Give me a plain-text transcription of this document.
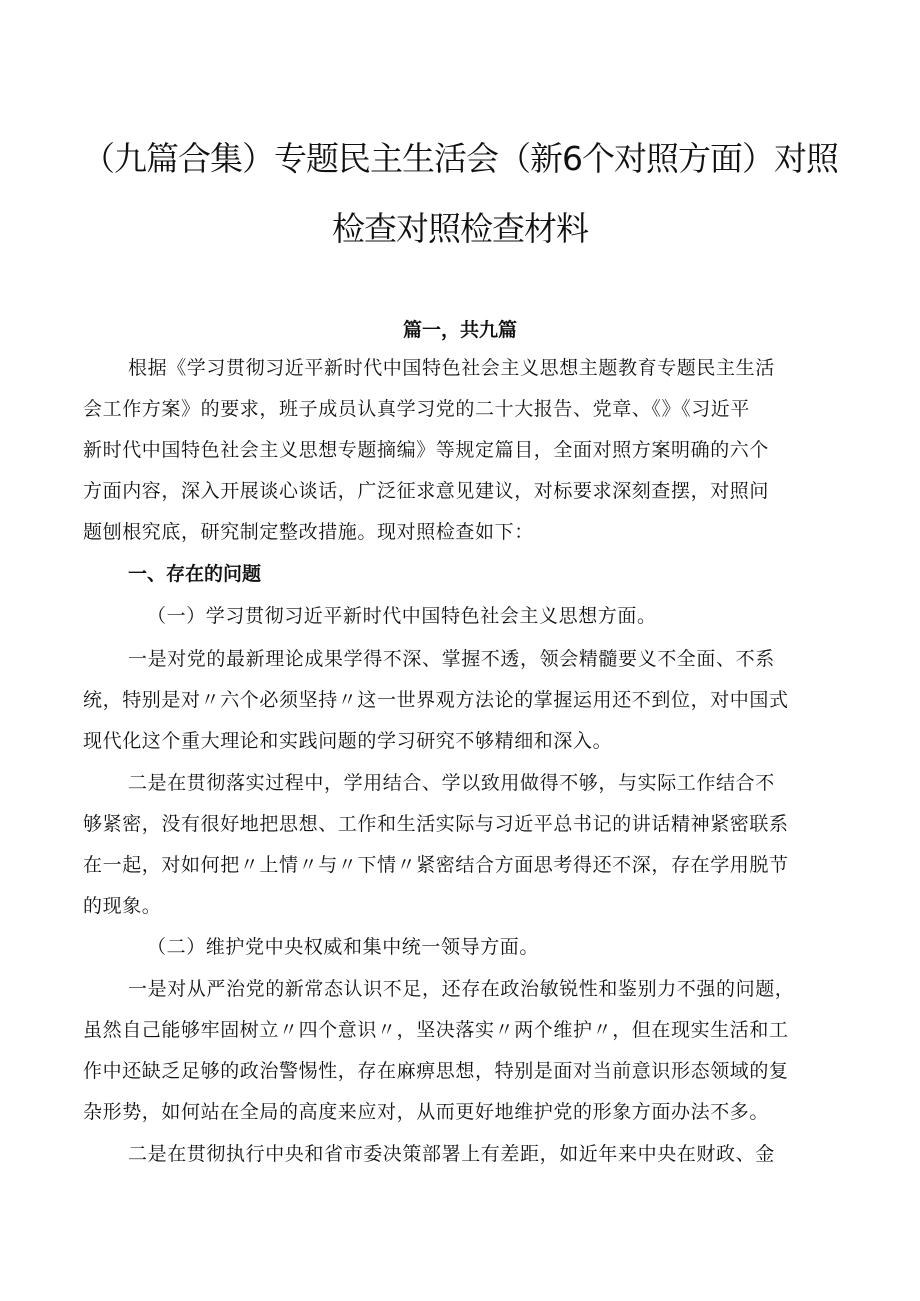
（九篇合集）专题民主生活会（新6个对照方面）对照
检查对照检查材料
篇一，共九篇
根据《学习贯彻习近平新时代中国特色社会主义思想主题教育专题民主生活
会工作方案》的要求，班子成员认真学习党的二十大报告、党章、《》《习近平
新时代中国特色社会主义思想专题摘编》等规定篇目，全面对照方案明确的六个
方面内容，深入开展谈心谈话，广泛征求意见建议，对标要求深刻查摆，对照问
题刨根究底，研究制定整改措施。现对照检查如下：
一、存在的问题
（一）学习贯彻习近平新时代中国特色社会主义思想方面。
一是对党的最新理论成果学得不深、掌握不透，领会精髓要义不全面、不系
统，特别是对〃六个必须坚持〃这一世界观方法论的掌握运用还不到位，对中国式
现代化这个重大理论和实践问题的学习研究不够精细和深入。
二是在贯彻落实过程中，学用结合、学以致用做得不够，与实际工作结合不
够紧密，没有很好地把思想、工作和生活实际与习近平总书记的讲话精神紧密联系
在一起，对如何把〃上情〃与〃下情〃紧密结合方面思考得还不深，存在学用脱节
的现象。
（二）维护党中央权威和集中统一领导方面。
一是对从严治党的新常态认识不足，还存在政治敏锐性和鉴别力不强的问题，
虽然自己能够牢固树立〃四个意识〃，坚决落实〃两个维护〃，但在现实生活和工
作中还缺乏足够的政治警惕性，存在麻痹思想，特别是面对当前意识形态领域的复
杂形势，如何站在全局的高度来应对，从而更好地维护党的形象方面办法不多。
二是在贯彻执行中央和省市委决策部署上有差距，如近年来中央在财政、金
